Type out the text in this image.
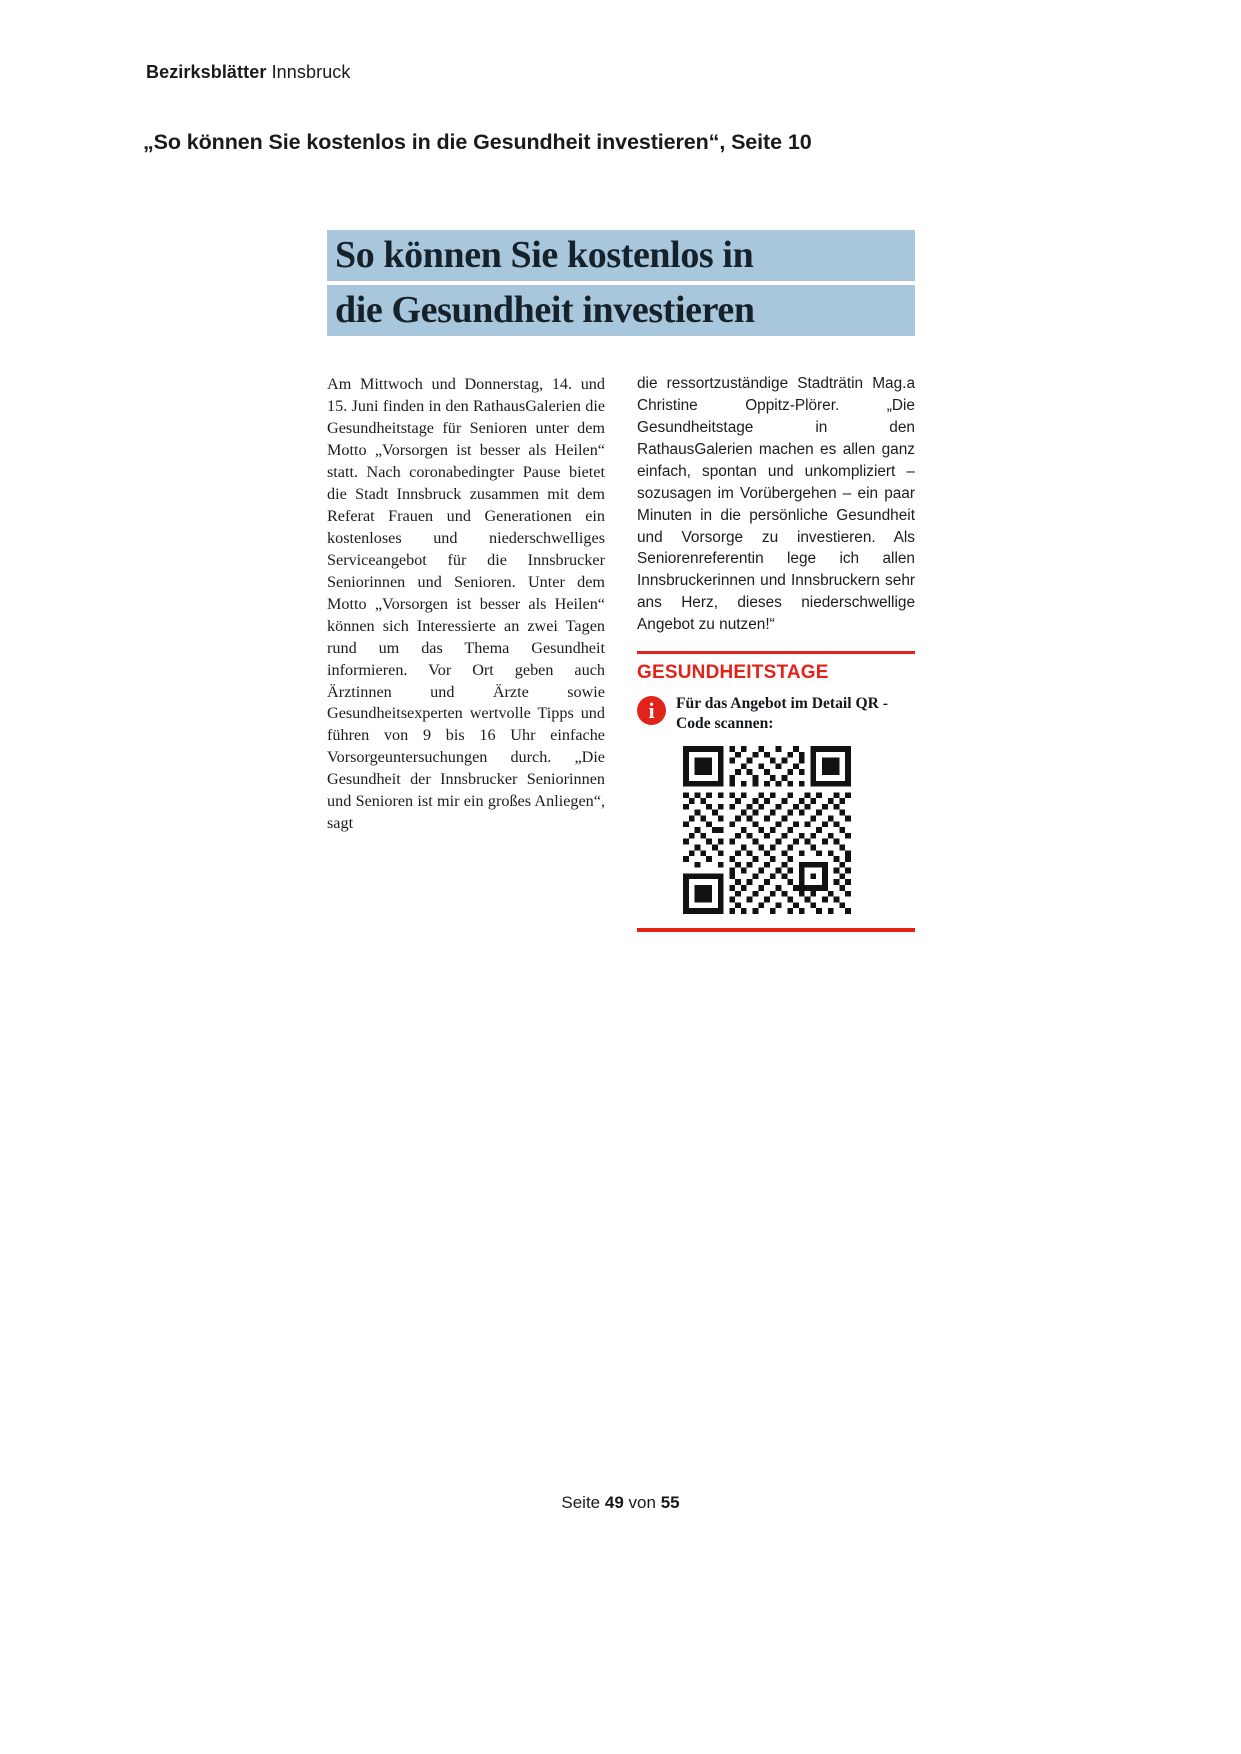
Bezirksblätter Innsbruck
„So können Sie kostenlos in die Gesundheit investieren“, Seite 10
So können Sie kostenlos in
die Gesundheit investieren

Am Mittwoch und Donnerstag, 14. und 15. Juni finden in den RathausGalerien die Gesundheitstage für Senioren unter dem Motto „Vorsorgen ist besser als Heilen“ statt. Nach coronabedingter Pause bietet die Stadt Innsbruck zusammen mit dem Referat Frauen und Generationen ein kostenloses und niederschwelliges Serviceangebot für die Innsbrucker Seniorinnen und Senioren. Unter dem Motto „Vorsorgen ist besser als Heilen“ können sich Interessierte an zwei Tagen rund um das Thema Gesundheit informieren. Vor Ort geben auch Ärztinnen und Ärzte sowie Gesundheitsexperten wertvolle Tipps und führen von 9 bis 16 Uhr einfache Vorsorgeuntersuchungen durch. „Die Gesundheit der Innsbrucker Seniorinnen und Senioren ist mir ein großes Anliegen“, sagt

die ressortzuständige Stadträtin Mag.a Christine Oppitz-Plörer. „Die Gesundheitstage in den RathausGalerien machen es allen ganz einfach, spontan und unkompliziert – sozusagen im Vorübergehen – ein paar Minuten in die persönliche Gesundheit und Vorsorge zu investieren. Als Seniorenreferentin lege ich allen Innsbruckerinnen und Innsbruckern sehr ans Herz, dieses niederschwellige Angebot zu nutzen!“

GESUNDHEITSTAGE
i	Für das Angebot im Detail QR - Code scannen:
Seite 49 von 55
